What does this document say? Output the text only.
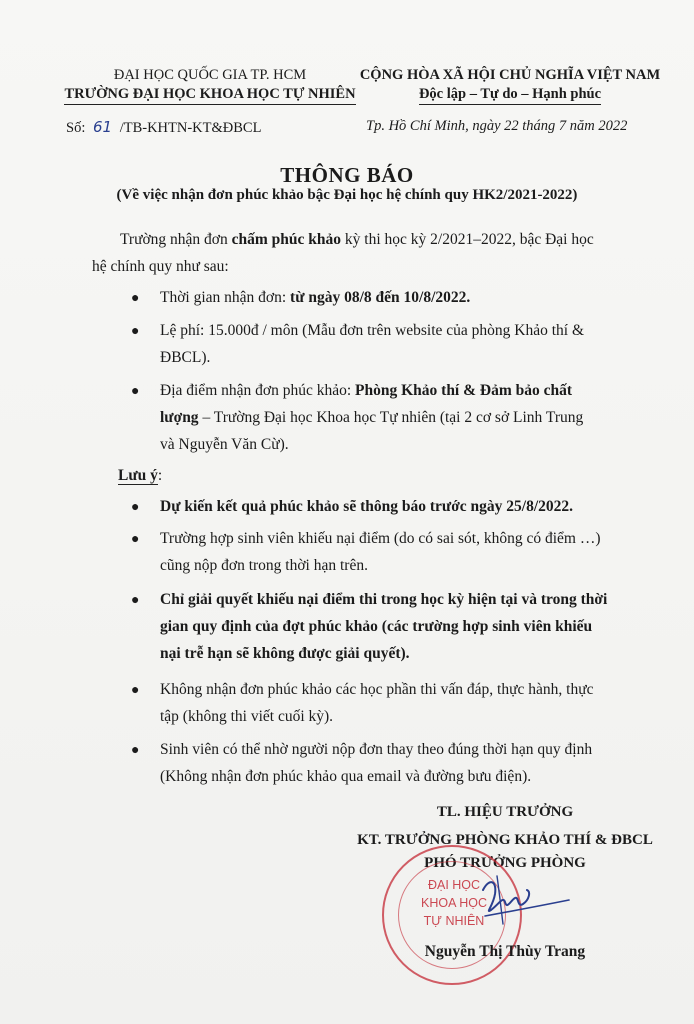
ĐẠI HỌC QUỐC GIA TP. HCM
TRƯỜNG ĐẠI HỌC KHOA HỌC TỰ NHIÊN
CỘNG HÒA XÃ HỘI CHỦ NGHĨA VIỆT NAM
Độc lập – Tự do – Hạnh phúc
Số: 61 /TB-KHTN-KT&ĐBCL	Tp. Hồ Chí Minh, ngày 22 tháng 7 năm 2022
THÔNG BÁO
(Về việc nhận đơn phúc khảo bậc Đại học hệ chính quy HK2/2021-2022)
Trường nhận đơn chấm phúc khảo kỳ thi học kỳ 2/2021–2022, bậc Đại học
hệ chính quy như sau:
● Thời gian nhận đơn: từ ngày 08/8 đến 10/8/2022.
● Lệ phí: 15.000đ / môn (Mẫu đơn trên website của phòng Khảo thí &
ĐBCL).
● Địa điểm nhận đơn phúc khảo: Phòng Khảo thí & Đảm bảo chất
lượng – Trường Đại học Khoa học Tự nhiên (tại 2 cơ sở Linh Trung
và Nguyễn Văn Cừ).
Lưu ý:
● Dự kiến kết quả phúc khảo sẽ thông báo trước ngày 25/8/2022.
● Trường hợp sinh viên khiếu nại điểm (do có sai sót, không có điểm …)
cũng nộp đơn trong thời hạn trên.
● Chỉ giải quyết khiếu nại điểm thi trong học kỳ hiện tại và trong thời
gian quy định của đợt phúc khảo (các trường hợp sinh viên khiếu
nại trễ hạn sẽ không được giải quyết).
● Không nhận đơn phúc khảo các học phần thi vấn đáp, thực hành, thực
tập (không thi viết cuối kỳ).
● Sinh viên có thể nhờ người nộp đơn thay theo đúng thời hạn quy định
(Không nhận đơn phúc khảo qua email và đường bưu điện).
TL. HIỆU TRƯỞNG
KT. TRƯỞNG PHÒNG KHẢO THÍ & ĐBCL
PHÓ TRƯỞNG PHÒNG
ĐẠI HỌC
KHOA HỌC
TỰ NHIÊN
Nguyễn Thị Thùy Trang
